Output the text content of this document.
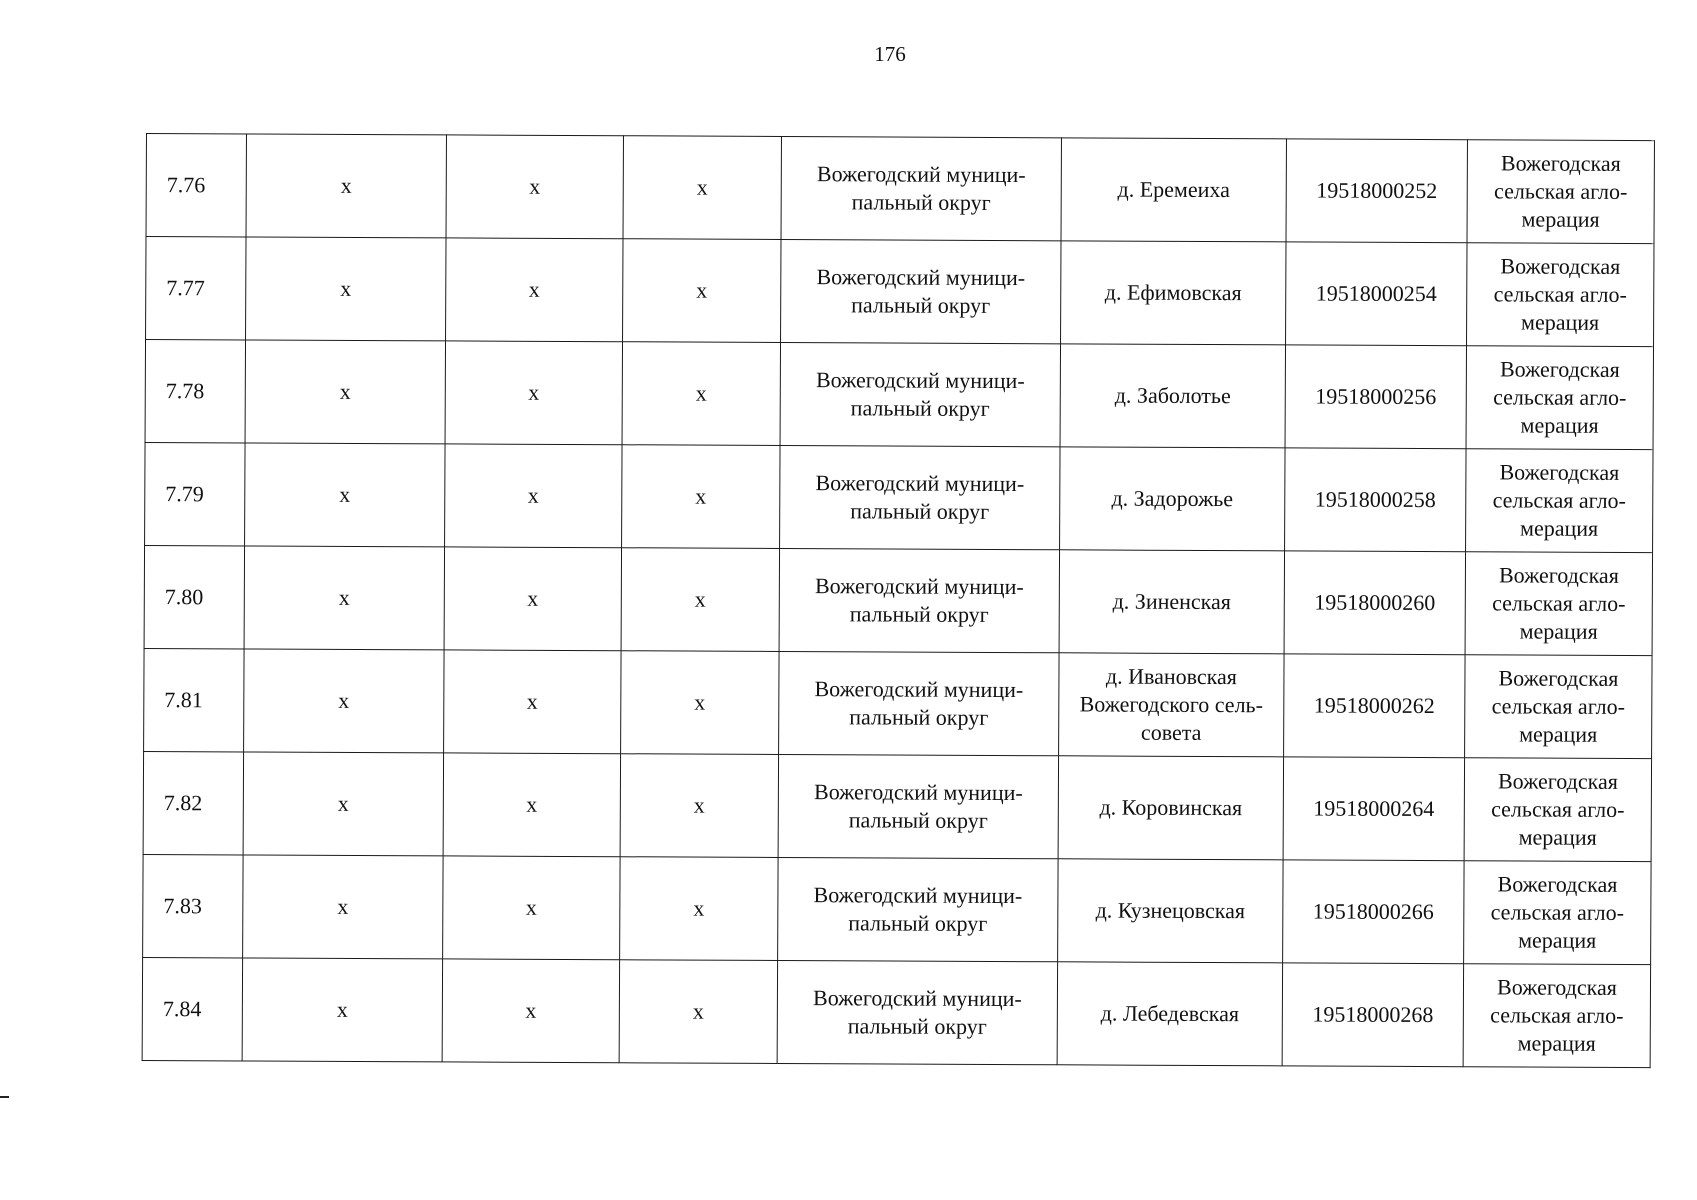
176
7.76	x	x	x	Вожегодский муници-пальный округ	д. Еремеиха	19518000252	Вожегодская сельская агло-мерация

7.77	x	x	x	Вожегодский муници-пальный округ	д. Ефимовская	19518000254	Вожегодская сельская агло-мерация

7.78	x	x	x	Вожегодский муници-пальный округ	д. Заболотье	19518000256	Вожегодская сельская агло-мерация

7.79	x	x	x	Вожегодский муници-пальный округ	д. Задорожье	19518000258	Вожегодская сельская агло-мерация

7.80	x	x	x	Вожегодский муници-пальный округ	д. Зиненская	19518000260	Вожегодская сельская агло-мерация

7.81	x	x	x	Вожегодский муници-пальный округ	д. Ивановская Вожегодского сель-совета	19518000262	Вожегодская сельская агло-мерация

7.82	x	x	x	Вожегодский муници-пальный округ	д. Коровинская	19518000264	Вожегодская сельская агло-мерация

7.83	x	x	x	Вожегодский муници-пальный округ	д. Кузнецовская	19518000266	Вожегодская сельская агло-мерация

7.84	x	x	x	Вожегодский муници-пальный округ	д. Лебедевская	19518000268	Вожегодская сельская агло-мерация
